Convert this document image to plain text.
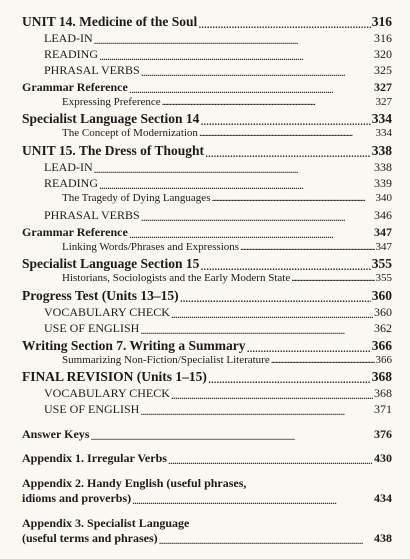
UNIT 14. Medicine of the Soul . . .	316
LEAD-IN . . .	316
READING . . .	320
PHRASAL VERBS . . .	325
Grammar Reference . . .	327
Expressing Preference . . .	327
Specialist Language Section 14 . . .	334
The Concept of Modernization . . .	334
UNIT 15. The Dress of Thought . . .	338
LEAD-IN . . .	338
READING . . .	339
The Tragedy of Dying Languages . . .	340
PHRASAL VERBS . . .	346
Grammar Reference . . .	347
Linking Words/Phrases and Expressions . . .	347
Specialist Language Section 15 . . .	355
Historians, Sociologists and the Early Modern State . . .	355
Progress Test (Units 13–15) . . .	360
VOCABULARY CHECK . . .	360
USE OF ENGLISH . . .	362
Writing Section 7. Writing a Summary . . .	366
Summarizing Non-Fiction/Specialist Literature . . .	366
FINAL REVISION (Units 1–15) . . .	368
VOCABULARY CHECK . . .	368
USE OF ENGLISH . . .	371
Answer Keys . . .	376
Appendix 1. Irregular Verbs . . .	430
Appendix 2. Handy English (useful phrases,
idioms and proverbs) . . .	434
Appendix 3. Specialist Language
(useful terms and phrases) . . .	438
